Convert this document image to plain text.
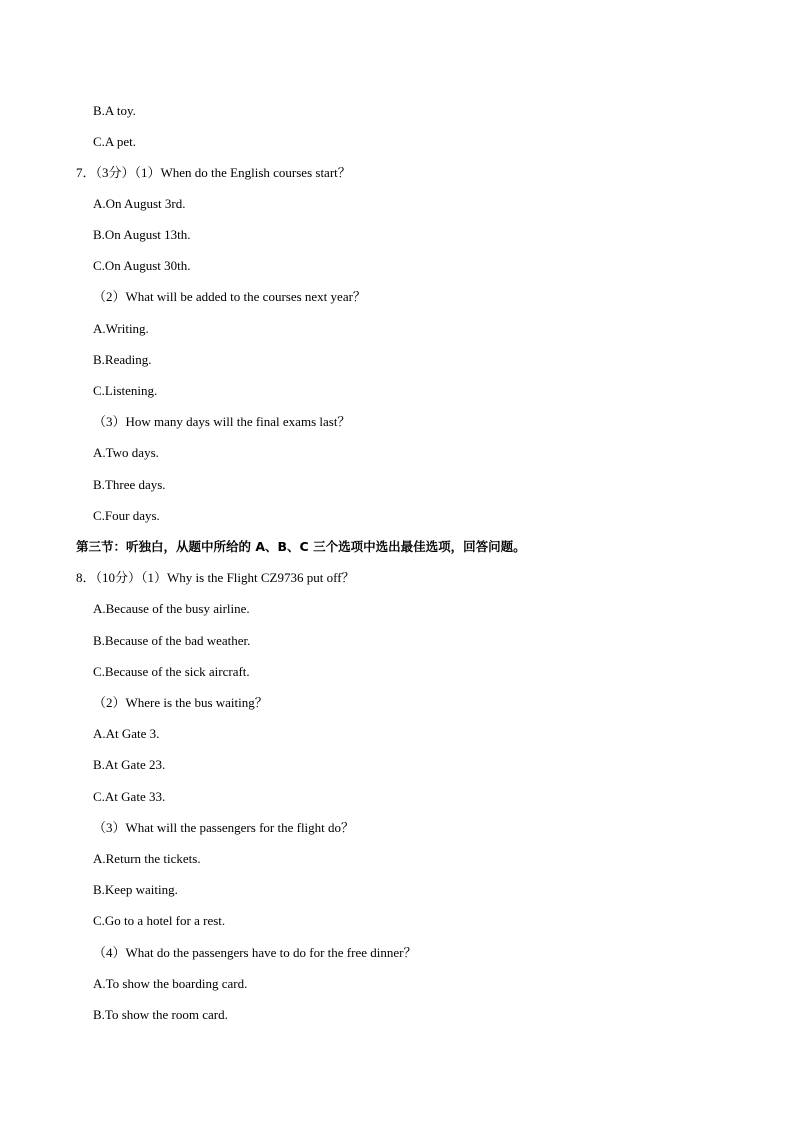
B.A toy.
C.A pet.
7．（3分）（1）When do the English courses start？
A.On August 3rd.
B.On August 13th.
C.On August 30th.
（2）What will be added to the courses next year？
A.Writing.
B.Reading.
C.Listening.
（3）How many days will the final exams last？
A.Two days.
B.Three days.
C.Four days.
第三节：听独白，从题中所给的 A、B、C 三个选项中选出最佳选项，回答问题。
8．（10分）（1）Why is the Flight CZ9736 put off？
A.Because of the busy airline.
B.Because of the bad weather.
C.Because of the sick aircraft.
（2）Where is the bus waiting？
A.At Gate 3.
B.At Gate 23.
C.At Gate 33.
（3）What will the passengers for the flight do？
A.Return the tickets.
B.Keep waiting.
C.Go to a hotel for a rest.
（4）What do the passengers have to do for the free dinner？
A.To show the boarding card.
B.To show the room card.
